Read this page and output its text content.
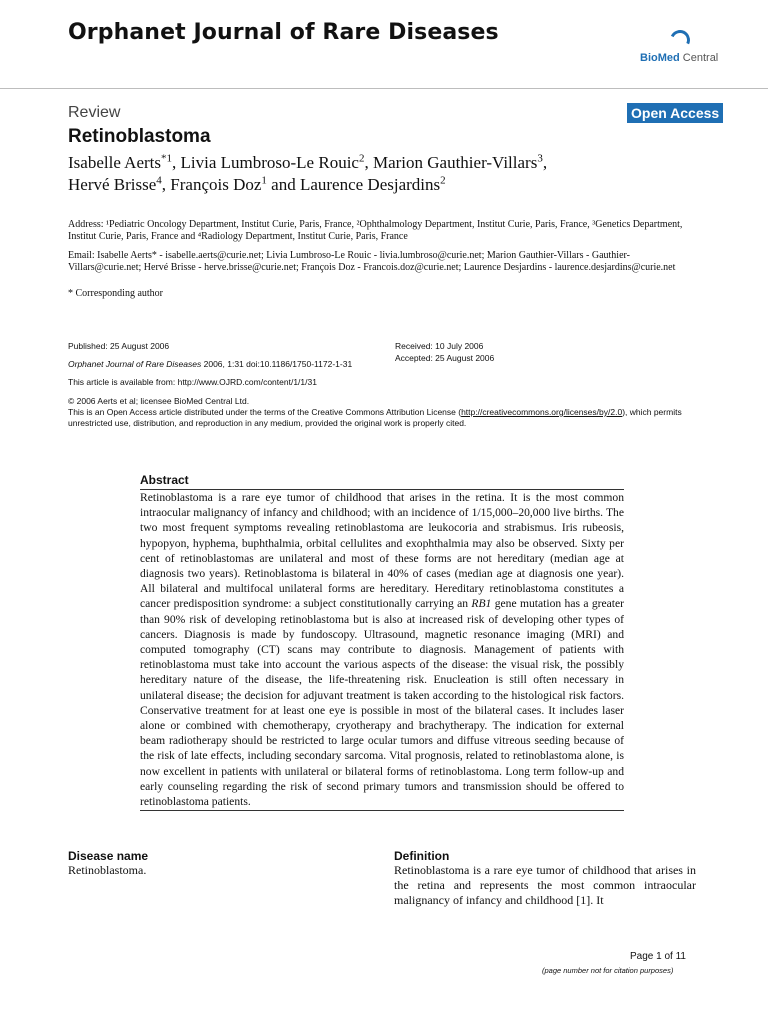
Orphanet Journal of Rare Diseases
BioMed Central
Review	Open Access
Retinoblastoma
Isabelle Aerts$^{*1}$, Livia Lumbroso-Le Rouic$^2$, Marion Gauthier-Villars$^3$,
Hervé Brisse$^4$, François Doz$^1$ and Laurence Desjardins$^2$
Address: ¹Pediatric Oncology Department, Institut Curie, Paris, France, ²Ophthalmology Department, Institut Curie, Paris, France, ³Genetics Department, Institut Curie, Paris, France and ⁴Radiology Department, Institut Curie, Paris, France
Email: Isabelle Aerts* - isabelle.aerts@curie.net; Livia Lumbroso-Le Rouic - livia.lumbroso@curie.net; Marion Gauthier-Villars - Gauthier-Villars@curie.net; Hervé Brisse - herve.brisse@curie.net; François Doz - Francois.doz@curie.net; Laurence Desjardins - laurence.desjardins@curie.net
* Corresponding author
Published: 25 August 2006
Orphanet Journal of Rare Diseases 2006, 1:31 doi:10.1186/1750-1172-1-31
This article is available from: http://www.OJRD.com/content/1/1/31
Received: 10 July 2006
Accepted: 25 August 2006
© 2006 Aerts et al; licensee BioMed Central Ltd.
This is an Open Access article distributed under the terms of the Creative Commons Attribution License (http://creativecommons.org/licenses/by/2.0), which permits unrestricted use, distribution, and reproduction in any medium, provided the original work is properly cited.
Abstract
Retinoblastoma is a rare eye tumor of childhood that arises in the retina. It is the most common intraocular malignancy of infancy and childhood; with an incidence of 1/15,000–20,000 live births. The two most frequent symptoms revealing retinoblastoma are leukocoria and strabismus. Iris rubeosis, hypopyon, hyphema, buphthalmia, orbital cellulites and exophthalmia may also be observed. Sixty per cent of retinoblastomas are unilateral and most of these forms are not hereditary (median age at diagnosis two years). Retinoblastoma is bilateral in 40% of cases (median age at diagnosis one year). All bilateral and multifocal unilateral forms are hereditary. Hereditary retinoblastoma constitutes a cancer predisposition syndrome: a subject constitutionally carrying an RB1 gene mutation has a greater than 90% risk of developing retinoblastoma but is also at increased risk of developing other types of cancers. Diagnosis is made by fundoscopy. Ultrasound, magnetic resonance imaging (MRI) and computed tomography (CT) scans may contribute to diagnosis. Management of patients with retinoblastoma must take into account the various aspects of the disease: the visual risk, the possibly hereditary nature of the disease, the life-threatening risk. Enucleation is still often necessary in unilateral disease; the decision for adjuvant treatment is taken according to the histological risk factors. Conservative treatment for at least one eye is possible in most of the bilateral cases. It includes laser alone or combined with chemotherapy, cryotherapy and brachytherapy. The indication for external beam radiotherapy should be restricted to large ocular tumors and diffuse vitreous seeding because of the risk of late effects, including secondary sarcoma. Vital prognosis, related to retinoblastoma alone, is now excellent in patients with unilateral or bilateral forms of retinoblastoma. Long term follow-up and early counseling regarding the risk of second primary tumors and transmission should be offered to retinoblastoma patients.
Disease name
Retinoblastoma.
Definition
Retinoblastoma is a rare eye tumor of childhood that arises in the retina and represents the most common intraocular malignancy of infancy and childhood [1]. It
Page 1 of 11
(page number not for citation purposes)
